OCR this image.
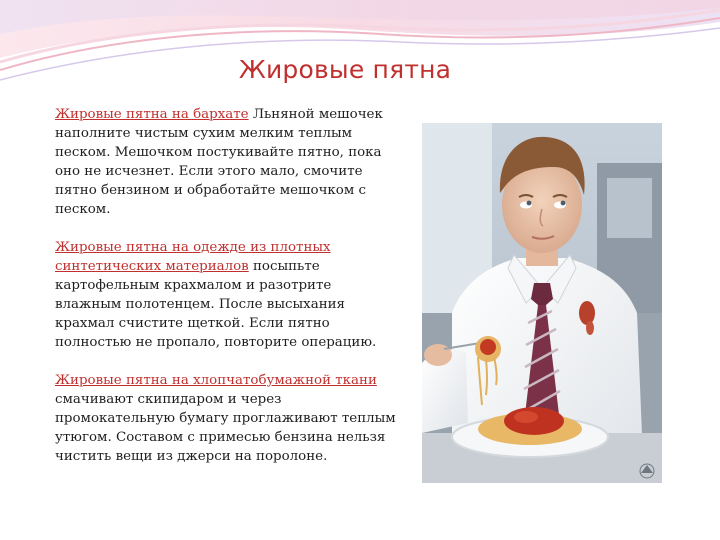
Жировые пятна

Жировые пятна на бархате Льняной мешочек наполните чистым сухим мелким теплым песком. Мешочком постукивайте пятно, пока оно не исчезнет. Если этого мало, смочите пятно бензином и обработайте мешочком с песком.

Жировые пятна на одежде из плотных синтетических материалов посыпьте картофельным крахмалом и разотрите влажным полотенцем. После высыхания крахмал счистите щеткой. Если пятно полностью не пропало, повторите операцию.

Жировые пятна на хлопчатобумажной ткани смачивают скипидаром и через промокательную бумагу проглаживают теплым утюгом. Составом с примесью бензина нельзя чистить вещи из джерси на поролоне.
